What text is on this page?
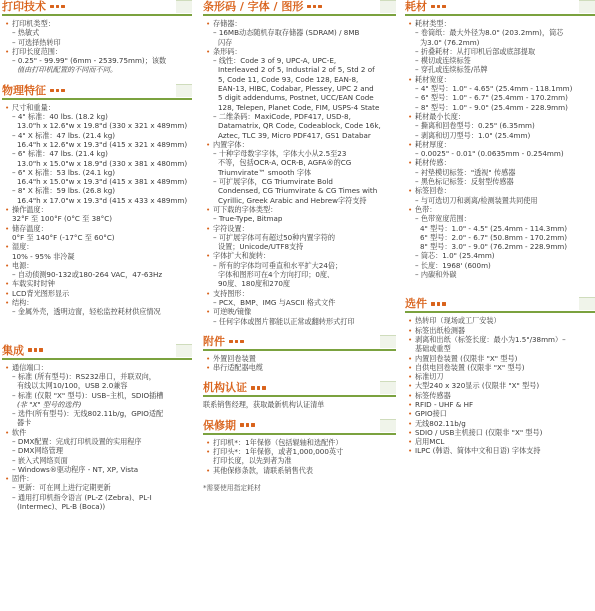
打印技术
• 打印机类型：
– 热敏式
– 可选择热转印
• 打印长度范围：
– 0.25" - 99.99" (6mm - 2539.75mm)；该数
值由打印机配置的不同而不同。
物理特征
• 尺寸和重量：
– 4" 标准：40 lbs. (18.2 kg)
13.0"h x 12.6"w x 19.8"d (330 x 321 x 489mm)
– 4" X 标准：47 lbs. (21.4 kg)
16.4"h x 12.6"w x 19.3"d (415 x 321 x 489mm)
– 6" 标准：47 lbs. (21.4 kg)
13.0"h x 15.0"w x 18.9"d (330 x 381 x 480mm)
– 6" X 标准：53 lbs. (24.1 kg)
16.4"h x 15.0"w x 19.3"d (415 x 381 x 489mm)
– 8" X 标准：59 lbs. (26.8 kg)
16.4"h x 17.0"w x 19.3"d (415 x 433 x 489mm)
• 操作温度：
32°F 至 100°F (0°C 至 38°C)
• 储存温度：
0°F 至 140°F (-17°C 至 60°C)
• 湿度：
10% - 95% 非冷凝
• 电源：
– 自动侦测90-132或180-264 VAC，47-63Hz
• 车载实时时钟
• LCD背光图形显示
• 结构：
– 金属外壳，透明边窗，轻松监控耗材供应情况
集成
• 通信端口：
– 标准 (所有型号)：RS232串口，并联双向，
有线以太网10/100，USB 2.0兼容
– 标准 (仅限 "X" 型号)：USB–主机，SDIO插槽
(非 "X" 型号的选件)
– 选件(所有型号)：无线802.11b/g，GPIO适配
器卡
• 软件
– DMX配置：完成打印机设置的实用程序
– DMX网络管理
– 嵌入式网络页面
– Windows®驱动程序 - NT, XP, Vista
• 固件：
– 更新：可在网上进行定期更新
– 通用打印机指令语言 (PL-Z (Zebra)、PL-I
(Intermec)、PL-B (Boca))
条形码 / 字体 / 图形
• 存储器：
– 16MB动态随机存取存储器 (SDRAM) / 8MB
闪存
• 条形码：
– 线性：Code 3 of 9, UPC-A, UPC-E,
Interleaved 2 of 5, Industrial 2 of 5, Std 2 of
5, Code 11, Code 93, Code 128, EAN-8,
EAN-13, HIBC, Codabar, Plessey, UPC 2 and
5 digit addendums, Postnet, UCC/EAN Code
128, Telepen, Planet Code, FIM, USPS-4 State
– 二维条码：MaxiCode, PDF417, USD-8,
Datamatrix, QR Code, Codeablock, Code 16k,
Aztec, TLC 39, Micro PDF417, GS1 Databar
• 内置字体：
– 十种字母数字字体，字体大小从2.5至23
不等，包括OCR-A, OCR-B, AGFA®的CG
Triumvirate™ smooth 字体
– 可扩展字体，CG Triumvirate Bold
Condensed, CG Triumvirate & CG Times with
Cyrillic, Greek Arabic and Hebrew字符支持
• 可下载的字体类型：
– True-Type, Bitmap
• 字符设置：
– 可扩展字体可有超过50种内置字符的
设置；Unicode/UTF8支持
• 字体扩大和旋转：
– 所有的字体均可垂直和水平扩大24倍；
字体和图形可在4个方向打印；0度、
90度、180度和270度
• 支持图形：
– PCX、BMP、IMG 与ASCII 格式文件
• 可逆映/镜像
– 任何字体或图片都能以正常或翻转形式打印
附件
• 外置回卷装置
• 串行适配器电缆
机构认证
联系销售经理，获取最新机构认证清单
保修期
• 打印机*：1年保修（包括辊轴和选配件）
• 打印头*：1年保修，或者1,000,000英寸
打印长度，以先到者为准
• 其他保修条款，请联系销售代表
*需要使用指定耗材
耗材
• 耗材类型：
– 卷筒纸：最大外径为8.0" (203.2mm)，筒芯
为3.0" (76.2mm)
– 折叠耗材：从打印机后部或底部提取
– 模切或连续标签
– 穿孔或连续标签/吊牌
• 耗材宽度：
– 4" 型号：1.0" - 4.65" (25.4mm - 118.1mm)
– 6" 型号：1.0" - 6.7" (25.4mm - 170.2mm)
– 8" 型号：1.0" - 9.0" (25.4mm - 228.9mm)
• 耗材最小长度：
– 撕离和回卷型号：0.25" (6.35mm)
– 剥离和切刀型号：1.0" (25.4mm)
• 耗材厚度：
– 0.0025" - 0.01" (0.0635mm - 0.254mm)
• 耗材传感：
– 衬垫模切标签："透视" 传感器
– 黑色标记标签：反射型传感器
• 标签回卷：
– 与可选切刀和剥离/检测装置共同使用
• 色带：
– 色带宽度范围：
4" 型号：1.0" - 4.5" (25.4mm - 114.3mm)
6" 型号：2.0" - 6.7" (50.8mm - 170.2mm)
8" 型号：3.0" - 9.0" (76.2mm - 228.9mm)
– 筒芯：1.0" (25.4mm)
– 长度：1968' (600m)
– 内碳和外碳
选件
• 热转印（现场或工厂安装）
• 标签出纸检测器
• 剥离和出纸（标签长度：最小为1.5"/38mm）–
基础或重型
• 内置回卷装置 (仅限非 "X" 型号)
• 自供电回卷装置 (仅限非 "X" 型号)
• 标准切刀
• 大型240 x 320显示 (仅限非 "X" 型号)
• 标签传感器
• RFID - UHF & HF
• GPIO接口
• 无线802.11b/g
• SDIO / USB主机接口 (仅限非 "X" 型号)
• 启用MCL
• ILPC (韩语、简体中文和日语) 字体支持
